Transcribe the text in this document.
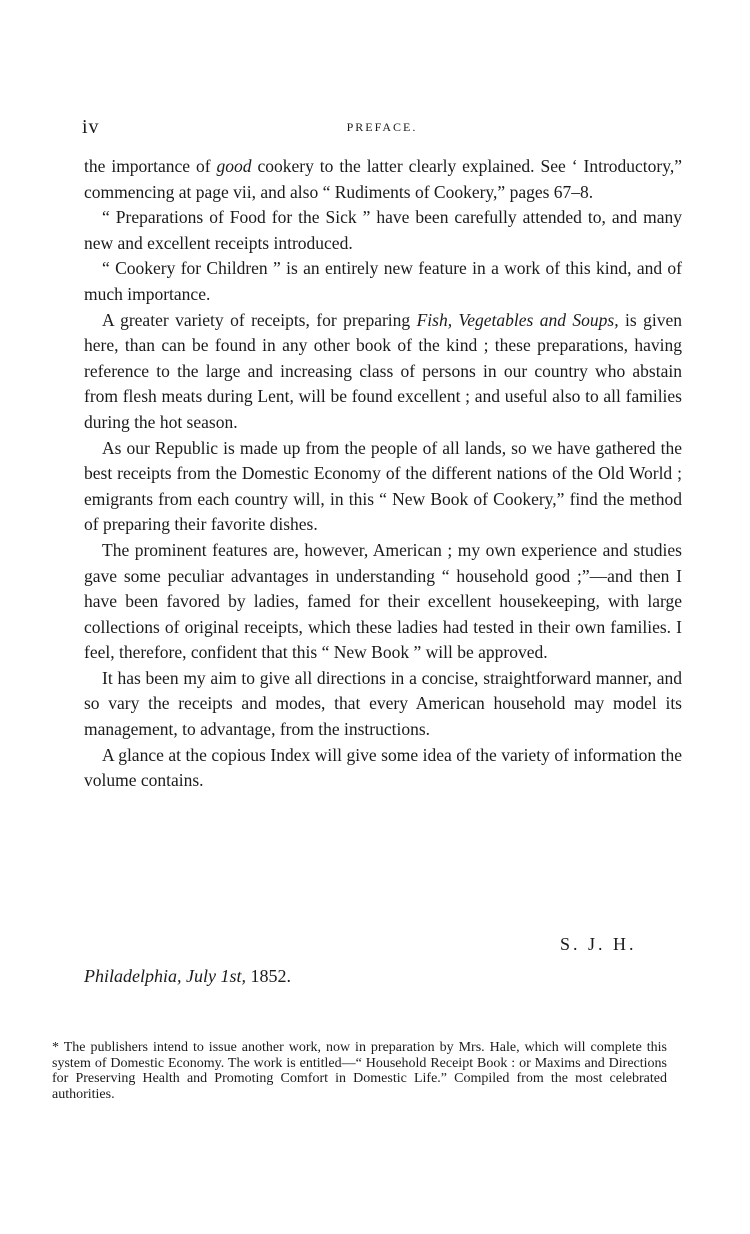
iv	PREFACE.

the importance of good cookery to the latter clearly explained. See ‘ Introductory,” commencing at page vii, and also “ Rudiments of Cookery,” pages 67–8.

“ Preparations of Food for the Sick ” have been carefully attended to, and many new and excellent receipts introduced.

“ Cookery for Children ” is an entirely new feature in a work of this kind, and of much importance.

A greater variety of receipts, for preparing Fish, Vegetables and Soups, is given here, than can be found in any other book of the kind ; these preparations, having reference to the large and increasing class of persons in our country who abstain from flesh meats during Lent, will be found excellent ; and useful also to all families during the hot season.

As our Republic is made up from the people of all lands, so we have gathered the best receipts from the Domestic Economy of the different nations of the Old World ; emigrants from each country will, in this “ New Book of Cookery,” find the method of preparing their favorite dishes.

The prominent features are, however, American ; my own experience and studies gave some peculiar advantages in understanding “ household good ;”—and then I have been favored by ladies, famed for their excellent housekeeping, with large collections of original receipts, which these ladies had tested in their own families. I feel, therefore, confident that this “ New Book ” will be approved.

It has been my aim to give all directions in a concise, straightforward manner, and so vary the receipts and modes, that every American household may model its management, to advantage, from the instructions.

A glance at the copious Index will give some idea of the variety of information the volume contains.

S. J. H.
Philadelphia, July 1st, 1852.
* The publishers intend to issue another work, now in preparation by Mrs. Hale, which will complete this system of Domestic Economy. The work is entitled—“ Household Receipt Book : or Maxims and Directions for Preserving Health and Promoting Comfort in Domestic Life.” Compiled from the most celebrated authorities.
